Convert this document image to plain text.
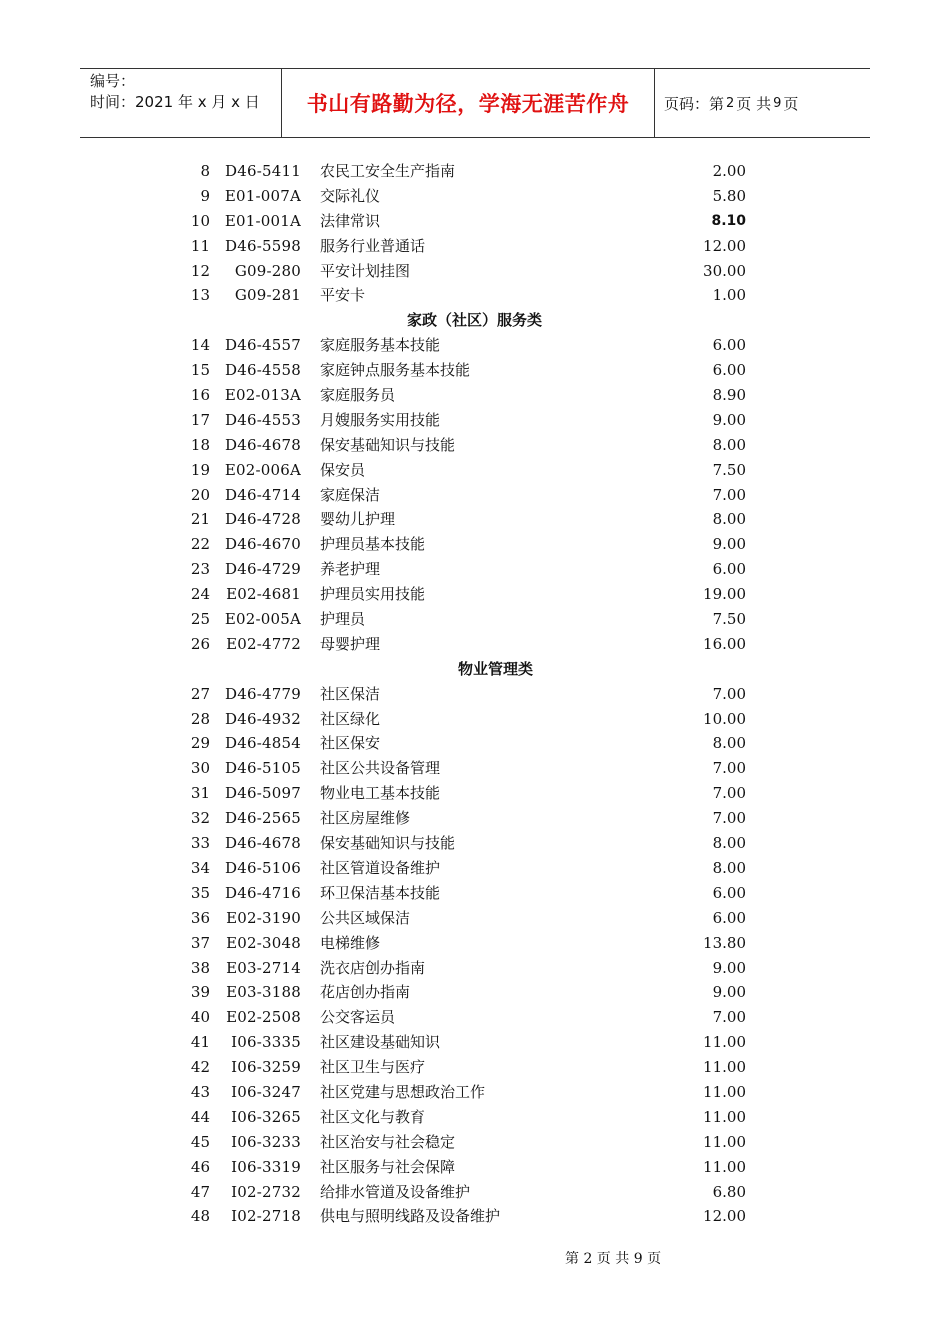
编号：
时间：2021 年 x 月 x 日	书山有路勤为径，学海无涯苦作舟	页码：第 2 页 共 9 页
8 D46-5411 农民工安全生产指南	2.00
9 E01-007A 交际礼仪	5.80
10 E01-001A 法律常识	8.10
11 D46-5598 服务行业普通话	12.00
12 G09-280 平安计划挂图	30.00
13 G09-281 平安卡	1.00
家政（社区）服务类
14 D46-4557 家庭服务基本技能	6.00
15 D46-4558 家庭钟点服务基本技能	6.00
16 E02-013A 家庭服务员	8.90
17 D46-4553 月嫂服务实用技能	9.00
18 D46-4678 保安基础知识与技能	8.00
19 E02-006A 保安员	7.50
20 D46-4714 家庭保洁	7.00
21 D46-4728 婴幼儿护理	8.00
22 D46-4670 护理员基本技能	9.00
23 D46-4729 养老护理	6.00
24 E02-4681 护理员实用技能	19.00
25 E02-005A 护理员	7.50
26 E02-4772 母婴护理	16.00
物业管理类
27 D46-4779 社区保洁	7.00
28 D46-4932 社区绿化	10.00
29 D46-4854 社区保安	8.00
30 D46-5105 社区公共设备管理	7.00
31 D46-5097 物业电工基本技能	7.00
32 D46-2565 社区房屋维修	7.00
33 D46-4678 保安基础知识与技能	8.00
34 D46-5106 社区管道设备维护	8.00
35 D46-4716 环卫保洁基本技能	6.00
36 E02-3190 公共区域保洁	6.00
37 E02-3048 电梯维修	13.80
38 E03-2714 洗衣店创办指南	9.00
39 E03-3188 花店创办指南	9.00
40 E02-2508 公交客运员	7.00
41 I06-3335 社区建设基础知识	11.00
42 I06-3259 社区卫生与医疗	11.00
43 I06-3247 社区党建与思想政治工作	11.00
44 I06-3265 社区文化与教育	11.00
45 I06-3233 社区治安与社会稳定	11.00
46 I06-3319 社区服务与社会保障	11.00
47 I02-2732 给排水管道及设备维护	6.80
48 I02-2718 供电与照明线路及设备维护	12.00
第 2 页 共 9 页
